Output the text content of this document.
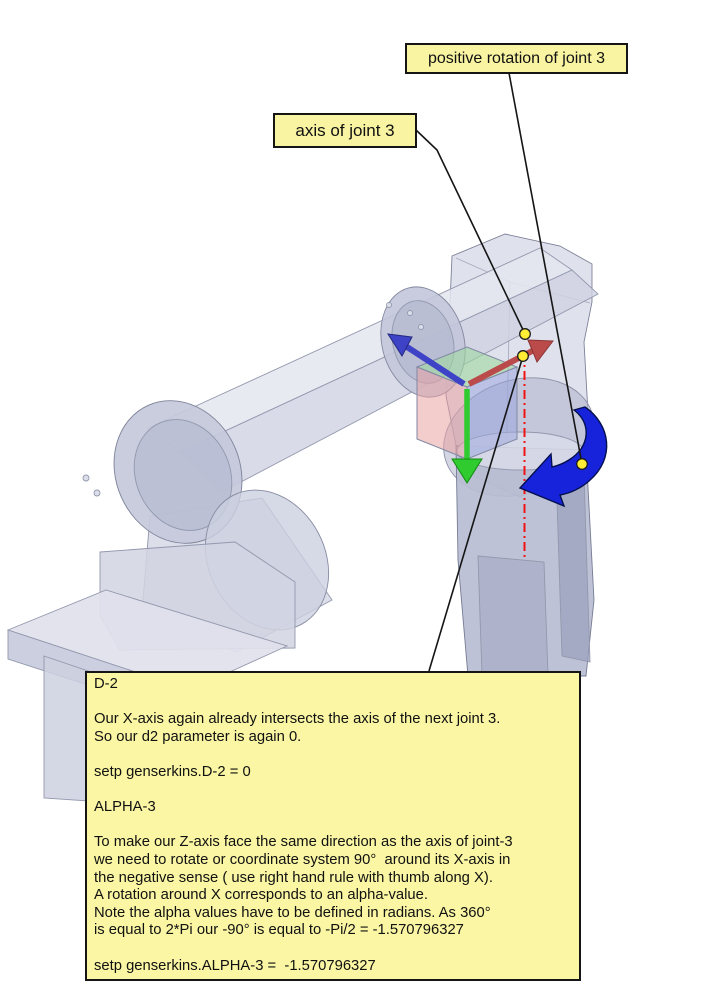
positive rotation of joint 3
axis of joint 3
D-2
Our X-axis again already intersects the axis of the next joint 3.
So our d2 parameter is again 0.
setp genserkins.D-2 = 0
ALPHA-3
To make our Z-axis face the same direction as the axis of joint-3
we need to rotate or coordinate system 90°  around its X-axis in
the negative sense ( use right hand rule with thumb along X).
A rotation around X corresponds to an alpha-value.
Note the alpha values have to be defined in radians. As 360°
is equal to 2*Pi our -90° is equal to -Pi/2 = -1.570796327
setp genserkins.ALPHA-3 =  -1.570796327
